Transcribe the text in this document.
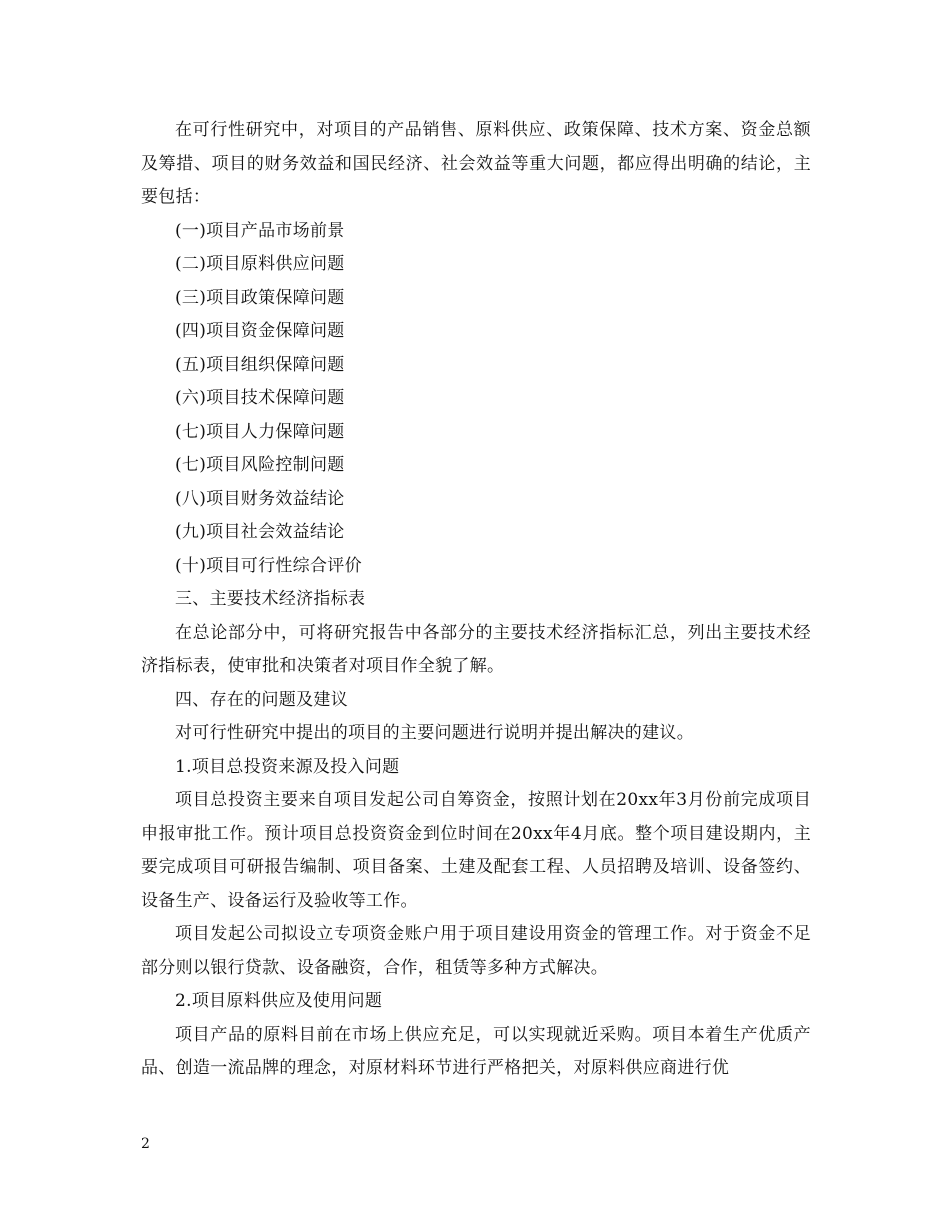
在可行性研究中，对项目的产品销售、原料供应、政策保障、技术方案、资金总额及筹措、项目的财务效益和国民经济、社会效益等重大问题，都应得出明确的结论，主要包括：

(一)项目产品市场前景

(二)项目原料供应问题

(三)项目政策保障问题

(四)项目资金保障问题

(五)项目组织保障问题

(六)项目技术保障问题

(七)项目人力保障问题

(七)项目风险控制问题

(八)项目财务效益结论

(九)项目社会效益结论

(十)项目可行性综合评价

三、主要技术经济指标表

在总论部分中，可将研究报告中各部分的主要技术经济指标汇总，列出主要技术经济指标表，使审批和决策者对项目作全貌了解。

四、存在的问题及建议

对可行性研究中提出的项目的主要问题进行说明并提出解决的建议。

1.项目总投资来源及投入问题

项目总投资主要来自项目发起公司自筹资金，按照计划在20xx年3月份前完成项目申报审批工作。预计项目总投资资金到位时间在20xx年4月底。整个项目建设期内，主要完成项目可研报告编制、项目备案、土建及配套工程、人员招聘及培训、设备签约、设备生产、设备运行及验收等工作。

项目发起公司拟设立专项资金账户用于项目建设用资金的管理工作。对于资金不足部分则以银行贷款、设备融资，合作，租赁等多种方式解决。

2.项目原料供应及使用问题

项目产品的原料目前在市场上供应充足，可以实现就近采购。项目本着生产优质产品、创造一流品牌的理念，对原材料环节进行严格把关，对原料供应商进行优

2
